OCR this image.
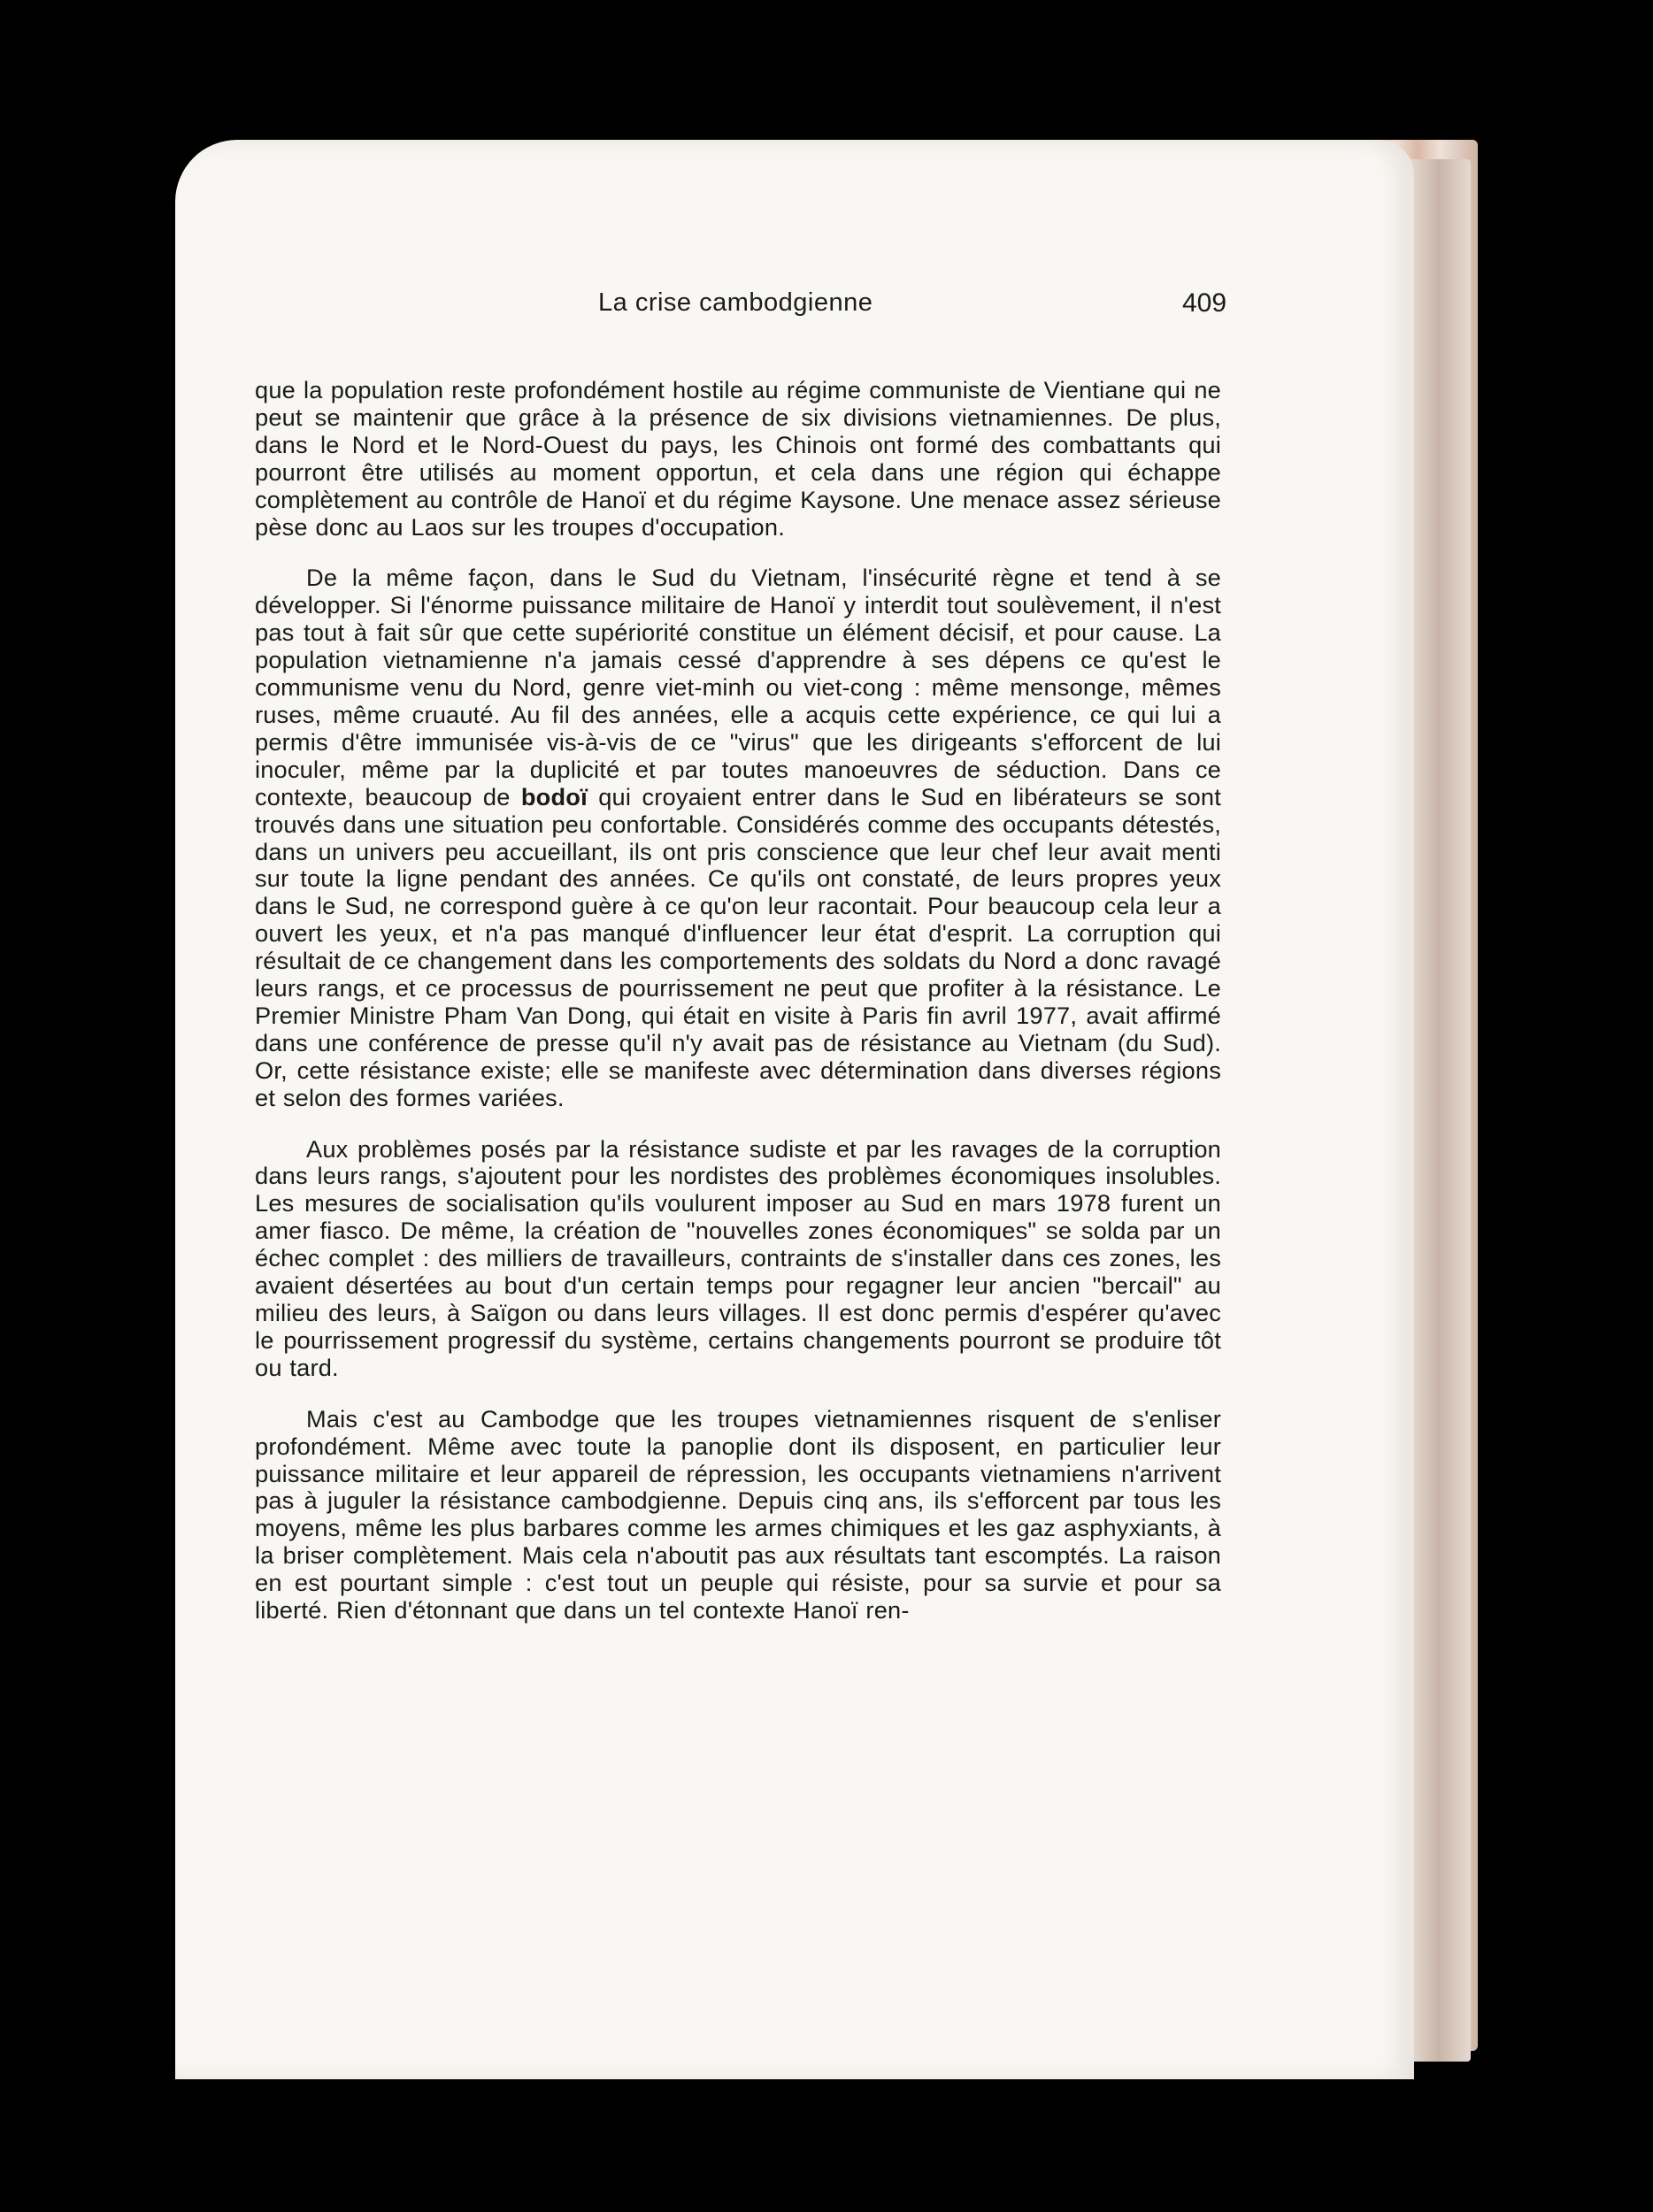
La crise cambodgienne	409

que la population reste profondément hostile au régime communiste de Vientiane qui ne peut se maintenir que grâce à la présence de six divisions vietnamiennes. De plus, dans le Nord et le Nord-Ouest du pays, les Chinois ont formé des combattants qui pourront être utilisés au moment opportun, et cela dans une région qui échappe complètement au contrôle de Hanoï et du régime Kaysone. Une menace assez sérieuse pèse donc au Laos sur les troupes d'occupation.

De la même façon, dans le Sud du Vietnam, l'insécurité règne et tend à se développer. Si l'énorme puissance militaire de Hanoï y interdit tout soulèvement, il n'est pas tout à fait sûr que cette supériorité constitue un élément décisif, et pour cause. La population vietnamienne n'a jamais cessé d'apprendre à ses dépens ce qu'est le communisme venu du Nord, genre viet-minh ou viet-cong : même mensonge, mêmes ruses, même cruauté. Au fil des années, elle a acquis cette expérience, ce qui lui a permis d'être immunisée vis-à-vis de ce "virus" que les dirigeants s'efforcent de lui inoculer, même par la duplicité et par toutes manoeuvres de séduction. Dans ce contexte, beaucoup de bodoï qui croyaient entrer dans le Sud en libérateurs se sont trouvés dans une situation peu confortable. Considérés comme des occupants détestés, dans un univers peu accueillant, ils ont pris conscience que leur chef leur avait menti sur toute la ligne pendant des années. Ce qu'ils ont constaté, de leurs propres yeux dans le Sud, ne correspond guère à ce qu'on leur racontait. Pour beaucoup cela leur a ouvert les yeux, et n'a pas manqué d'influencer leur état d'esprit. La corruption qui résultait de ce changement dans les comportements des soldats du Nord a donc ravagé leurs rangs, et ce processus de pourrissement ne peut que profiter à la résistance. Le Premier Ministre Pham Van Dong, qui était en visite à Paris fin avril 1977, avait affirmé dans une conférence de presse qu'il n'y avait pas de résistance au Vietnam (du Sud). Or, cette résistance existe; elle se manifeste avec détermination dans diverses régions et selon des formes variées.

Aux problèmes posés par la résistance sudiste et par les ravages de la corruption dans leurs rangs, s'ajoutent pour les nordistes des problèmes économiques insolubles. Les mesures de socialisation qu'ils voulurent imposer au Sud en mars 1978 furent un amer fiasco. De même, la création de "nouvelles zones économiques" se solda par un échec complet : des milliers de travailleurs, contraints de s'installer dans ces zones, les avaient désertées au bout d'un certain temps pour regagner leur ancien "bercail" au milieu des leurs, à Saïgon ou dans leurs villages. Il est donc permis d'espérer qu'avec le pourrissement progressif du système, certains changements pourront se produire tôt ou tard.

Mais c'est au Cambodge que les troupes vietnamiennes risquent de s'enliser profondément. Même avec toute la panoplie dont ils disposent, en particulier leur puissance militaire et leur appareil de répression, les occupants vietnamiens n'arrivent pas à juguler la résistance cambodgienne. Depuis cinq ans, ils s'efforcent par tous les moyens, même les plus barbares comme les armes chimiques et les gaz asphyxiants, à la briser complètement. Mais cela n'aboutit pas aux résultats tant escomptés. La raison en est pourtant simple : c'est tout un peuple qui résiste, pour sa survie et pour sa liberté. Rien d'étonnant que dans un tel contexte Hanoï ren-
